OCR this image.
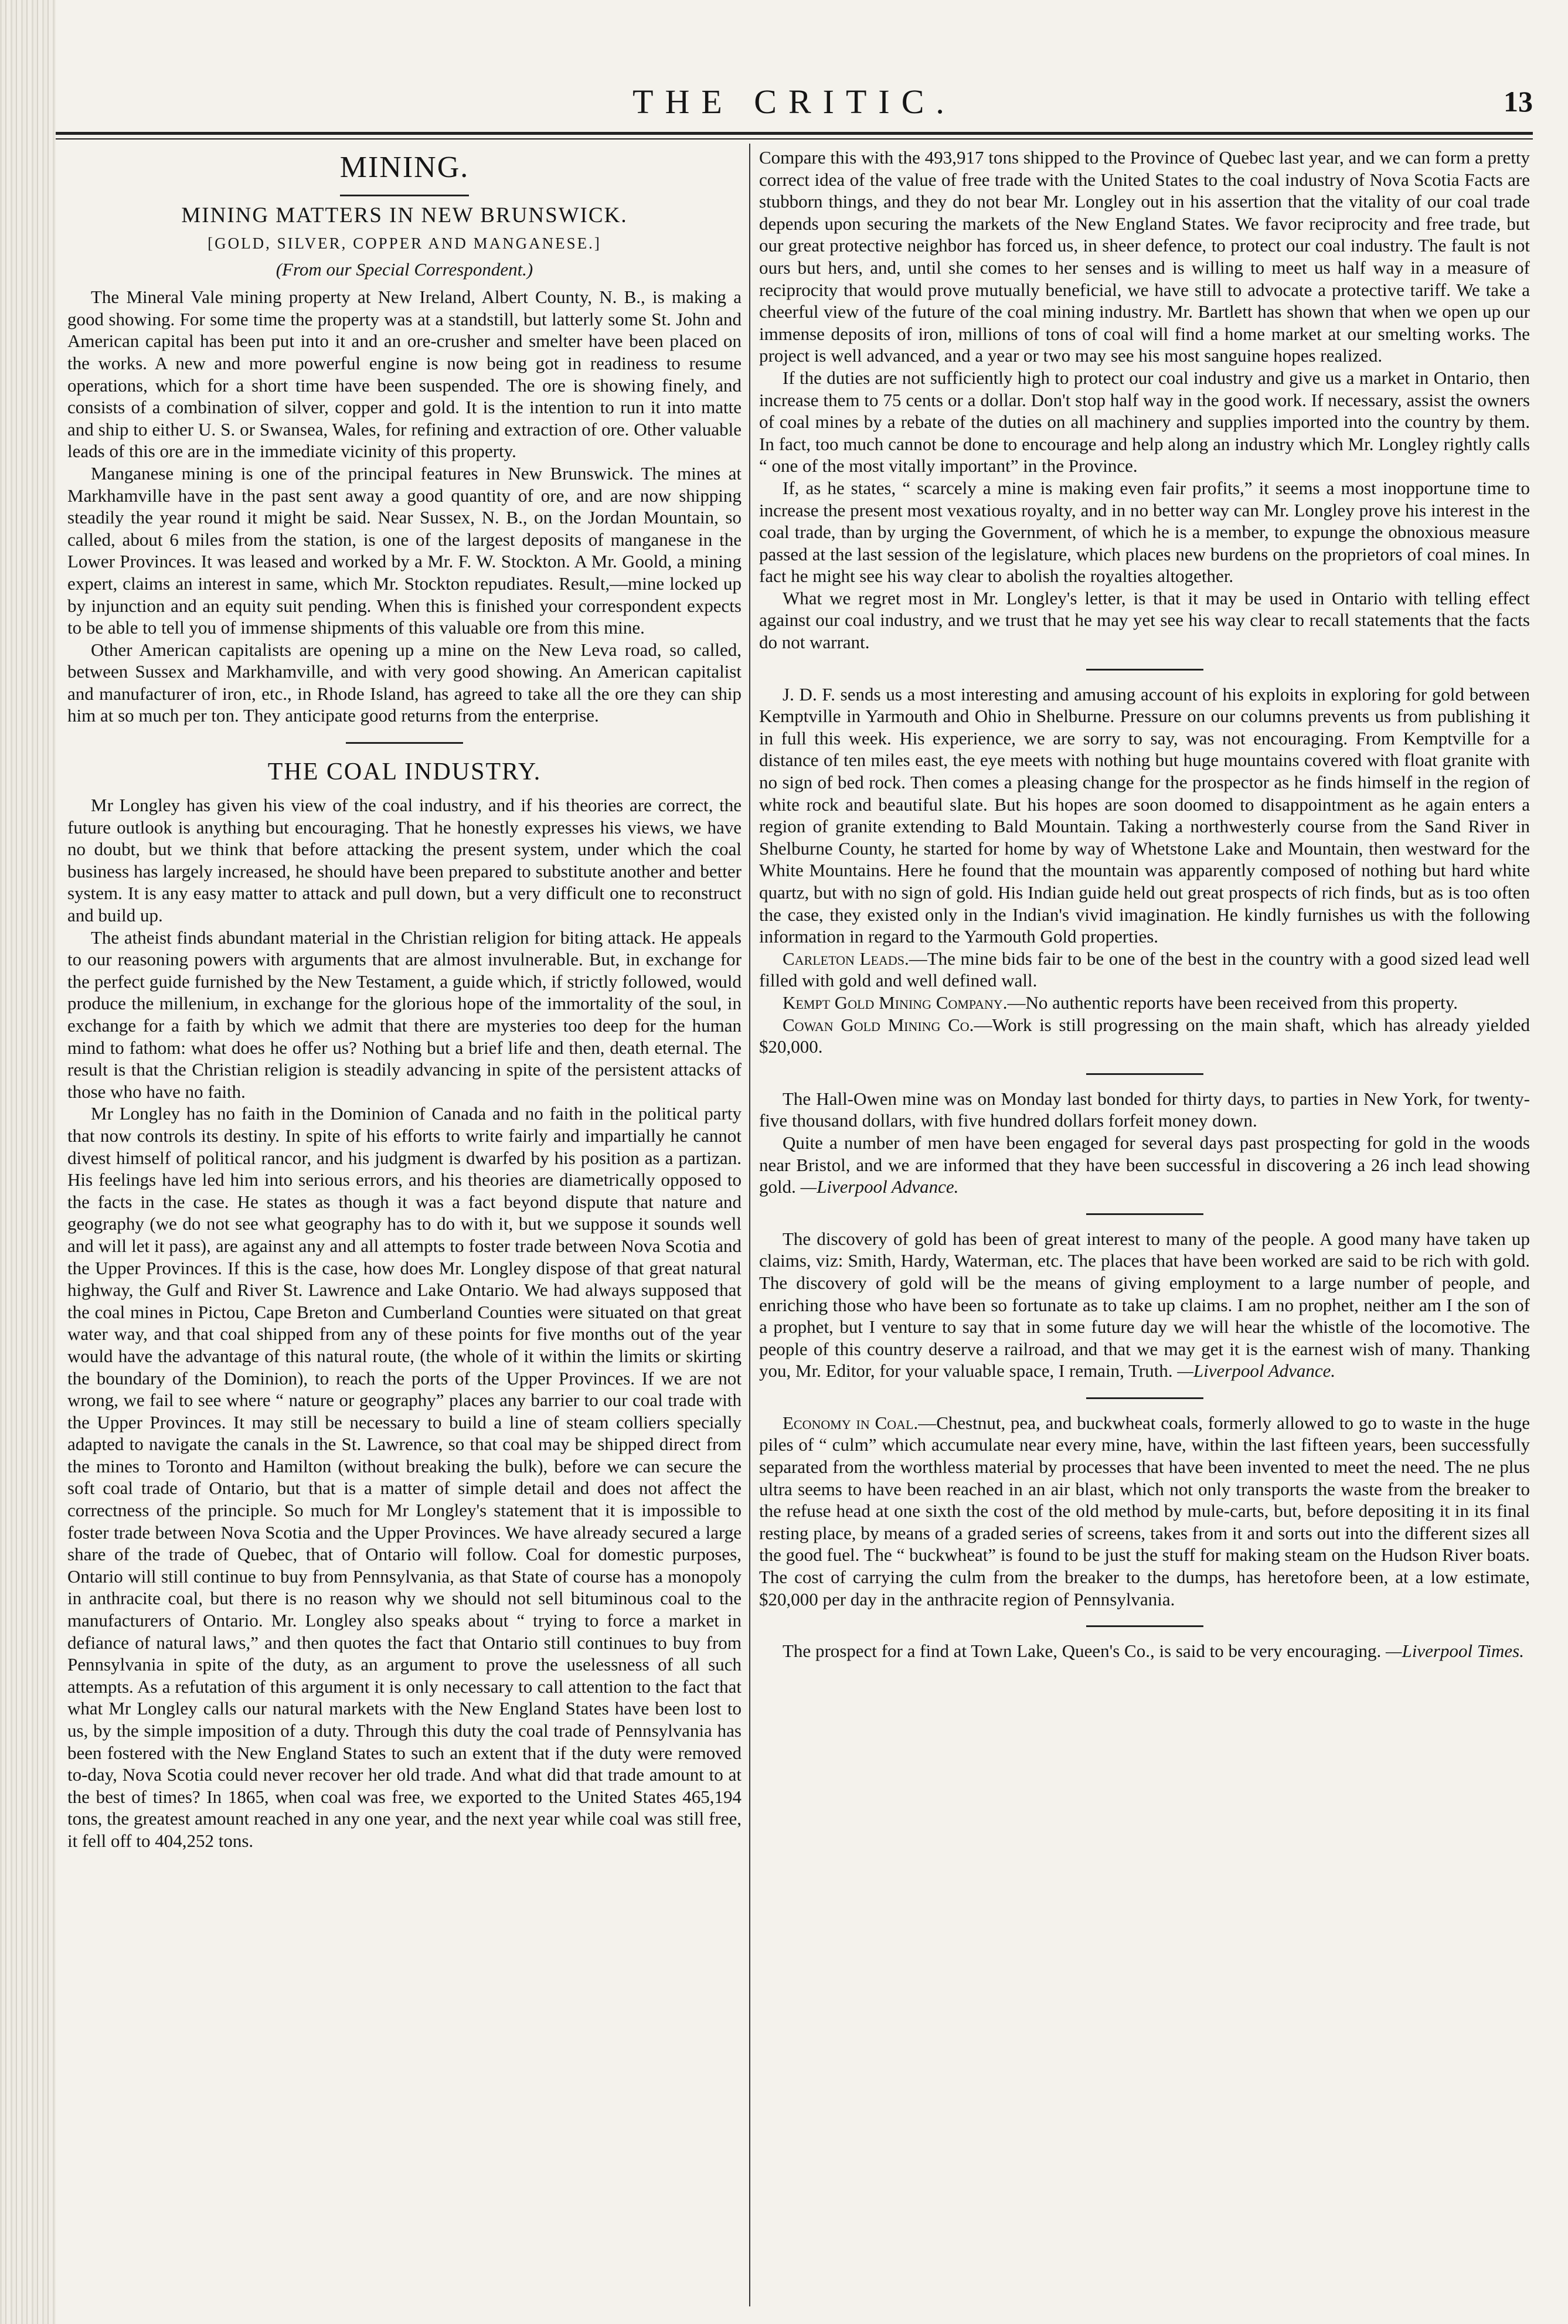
THE CRITIC.	13
MINING.
MINING MATTERS IN NEW BRUNSWICK.
[GOLD, SILVER, COPPER AND MANGANESE.]
(From our Special Correspondent.)

The Mineral Vale mining property at New Ireland, Albert County, N. B., is making a good showing. For some time the property was at a standstill, but latterly some St. John and American capital has been put into it and an ore-crusher and smelter have been placed on the works. A new and more powerful engine is now being got in readiness to resume operations, which for a short time have been suspended. The ore is showing finely, and consists of a combination of silver, copper and gold. It is the intention to run it into matte and ship to either U. S. or Swansea, Wales, for refining and extraction of ore. Other valuable leads of this ore are in the immediate vicinity of this property.

Manganese mining is one of the principal features in New Brunswick. The mines at Markhamville have in the past sent away a good quantity of ore, and are now shipping steadily the year round it might be said. Near Sussex, N. B., on the Jordan Mountain, so called, about 6 miles from the station, is one of the largest deposits of manganese in the Lower Provinces. It was leased and worked by a Mr. F. W. Stockton. A Mr. Goold, a mining expert, claims an interest in same, which Mr. Stockton repudiates. Result,—mine locked up by injunction and an equity suit pending. When this is finished your correspondent expects to be able to tell you of immense shipments of this valuable ore from this mine.

Other American capitalists are opening up a mine on the New Leva road, so called, between Sussex and Markhamville, and with very good showing. An American capitalist and manufacturer of iron, etc., in Rhode Island, has agreed to take all the ore they can ship him at so much per ton. They anticipate good returns from the enterprise.

THE COAL INDUSTRY.

Mr Longley has given his view of the coal industry, and if his theories are correct, the future outlook is anything but encouraging. That he honestly expresses his views, we have no doubt, but we think that before attacking the present system, under which the coal business has largely increased, he should have been prepared to substitute another and better system. It is any easy matter to attack and pull down, but a very difficult one to reconstruct and build up.

The atheist finds abundant material in the Christian religion for biting attack. He appeals to our reasoning powers with arguments that are almost invulnerable. But, in exchange for the perfect guide furnished by the New Testament, a guide which, if strictly followed, would produce the millenium, in exchange for the glorious hope of the immortality of the soul, in exchange for a faith by which we admit that there are mysteries too deep for the human mind to fathom: what does he offer us? Nothing but a brief life and then, death eternal. The result is that the Christian religion is steadily advancing in spite of the persistent attacks of those who have no faith.

Mr Longley has no faith in the Dominion of Canada and no faith in the political party that now controls its destiny. In spite of his efforts to write fairly and impartially he cannot divest himself of political rancor, and his judgment is dwarfed by his position as a partizan. His feelings have led him into serious errors, and his theories are diametrically opposed to the facts in the case. He states as though it was a fact beyond dispute that nature and geography (we do not see what geography has to do with it, but we suppose it sounds well and will let it pass), are against any and all attempts to foster trade between Nova Scotia and the Upper Provinces. If this is the case, how does Mr. Longley dispose of that great natural highway, the Gulf and River St. Lawrence and Lake Ontario. We had always supposed that the coal mines in Pictou, Cape Breton and Cumberland Counties were situated on that great water way, and that coal shipped from any of these points for five months out of the year would have the advantage of this natural route, (the whole of it within the limits or skirting the boundary of the Dominion), to reach the ports of the Upper Provinces. If we are not wrong, we fail to see where “ nature or geography” places any barrier to our coal trade with the Upper Provinces. It may still be necessary to build a line of steam colliers specially adapted to navigate the canals in the St. Lawrence, so that coal may be shipped direct from the mines to Toronto and Hamilton (without breaking the bulk), before we can secure the soft coal trade of Ontario, but that is a matter of simple detail and does not affect the correctness of the principle. So much for Mr Longley's statement that it is impossible to foster trade between Nova Scotia and the Upper Provinces. We have already secured a large share of the trade of Quebec, that of Ontario will follow. Coal for domestic purposes, Ontario will still continue to buy from Pennsylvania, as that State of course has a monopoly in anthracite coal, but there is no reason why we should not sell bituminous coal to the manufacturers of Ontario. Mr. Longley also speaks about “ trying to force a market in defiance of natural laws,” and then quotes the fact that Ontario still continues to buy from Pennsylvania in spite of the duty, as an argument to prove the uselessness of all such attempts. As a refutation of this argument it is only necessary to call attention to the fact that what Mr Longley calls our natural markets with the New England States have been lost to us, by the simple imposition of a duty. Through this duty the coal trade of Pennsylvania has been fostered with the New England States to such an extent that if the duty were removed to-day, Nova Scotia could never recover her old trade. And what did that trade amount to at the best of times? In 1865, when coal was free, we exported to the United States 465,194 tons, the greatest amount reached in any one year, and the next year while coal was still free, it fell off to 404,252 tons.

Compare this with the 493,917 tons shipped to the Province of Quebec last year, and we can form a pretty correct idea of the value of free trade with the United States to the coal industry of Nova Scotia Facts are stubborn things, and they do not bear Mr. Longley out in his assertion that the vitality of our coal trade depends upon securing the markets of the New England States. We favor reciprocity and free trade, but our great protective neighbor has forced us, in sheer defence, to protect our coal industry. The fault is not ours but hers, and, until she comes to her senses and is willing to meet us half way in a measure of reciprocity that would prove mutually beneficial, we have still to advocate a protective tariff. We take a cheerful view of the future of the coal mining industry. Mr. Bartlett has shown that when we open up our immense deposits of iron, millions of tons of coal will find a home market at our smelting works. The project is well advanced, and a year or two may see his most sanguine hopes realized.

If the duties are not sufficiently high to protect our coal industry and give us a market in Ontario, then increase them to 75 cents or a dollar. Don't stop half way in the good work. If necessary, assist the owners of coal mines by a rebate of the duties on all machinery and supplies imported into the country by them. In fact, too much cannot be done to encourage and help along an industry which Mr. Longley rightly calls “ one of the most vitally important” in the Province.

If, as he states, “ scarcely a mine is making even fair profits,” it seems a most inopportune time to increase the present most vexatious royalty, and in no better way can Mr. Longley prove his interest in the coal trade, than by urging the Government, of which he is a member, to expunge the obnoxious measure passed at the last session of the legislature, which places new burdens on the proprietors of coal mines. In fact he might see his way clear to abolish the royalties altogether.

What we regret most in Mr. Longley's letter, is that it may be used in Ontario with telling effect against our coal industry, and we trust that he may yet see his way clear to recall statements that the facts do not warrant.

J. D. F. sends us a most interesting and amusing account of his exploits in exploring for gold between Kemptville in Yarmouth and Ohio in Shelburne. Pressure on our columns prevents us from publishing it in full this week. His experience, we are sorry to say, was not encouraging. From Kemptville for a distance of ten miles east, the eye meets with nothing but huge mountains covered with float granite with no sign of bed rock. Then comes a pleasing change for the prospector as he finds himself in the region of white rock and beautiful slate. But his hopes are soon doomed to disappointment as he again enters a region of granite extending to Bald Mountain. Taking a northwesterly course from the Sand River in Shelburne County, he started for home by way of Whetstone Lake and Mountain, then westward for the White Mountains. Here he found that the mountain was apparently composed of nothing but hard white quartz, but with no sign of gold. His Indian guide held out great prospects of rich finds, but as is too often the case, they existed only in the Indian's vivid imagination. He kindly furnishes us with the following information in regard to the Yarmouth Gold properties.

Carleton Leads.—The mine bids fair to be one of the best in the country with a good sized lead well filled with gold and well defined wall.

Kempt Gold Mining Company.—No authentic reports have been received from this property.

Cowan Gold Mining Co.—Work is still progressing on the main shaft, which has already yielded $20,000.

The Hall-Owen mine was on Monday last bonded for thirty days, to parties in New York, for twenty-five thousand dollars, with five hundred dollars forfeit money down.

Quite a number of men have been engaged for several days past prospecting for gold in the woods near Bristol, and we are informed that they have been successful in discovering a 26 inch lead showing gold. —Liverpool Advance.

The discovery of gold has been of great interest to many of the people. A good many have taken up claims, viz: Smith, Hardy, Waterman, etc. The places that have been worked are said to be rich with gold. The discovery of gold will be the means of giving employment to a large number of people, and enriching those who have been so fortunate as to take up claims. I am no prophet, neither am I the son of a prophet, but I venture to say that in some future day we will hear the whistle of the locomotive. The people of this country deserve a railroad, and that we may get it is the earnest wish of many. Thanking you, Mr. Editor, for your valuable space, I remain, Truth. —Liverpool Advance.

Economy in Coal.—Chestnut, pea, and buckwheat coals, formerly allowed to go to waste in the huge piles of “ culm” which accumulate near every mine, have, within the last fifteen years, been successfully separated from the worthless material by processes that have been invented to meet the need. The ne plus ultra seems to have been reached in an air blast, which not only transports the waste from the breaker to the refuse head at one sixth the cost of the old method by mule-carts, but, before depositing it in its final resting place, by means of a graded series of screens, takes from it and sorts out into the different sizes all the good fuel. The “ buckwheat” is found to be just the stuff for making steam on the Hudson River boats. The cost of carrying the culm from the breaker to the dumps, has heretofore been, at a low estimate, $20,000 per day in the anthracite region of Pennsylvania.

The prospect for a find at Town Lake, Queen's Co., is said to be very encouraging. —Liverpool Times.
